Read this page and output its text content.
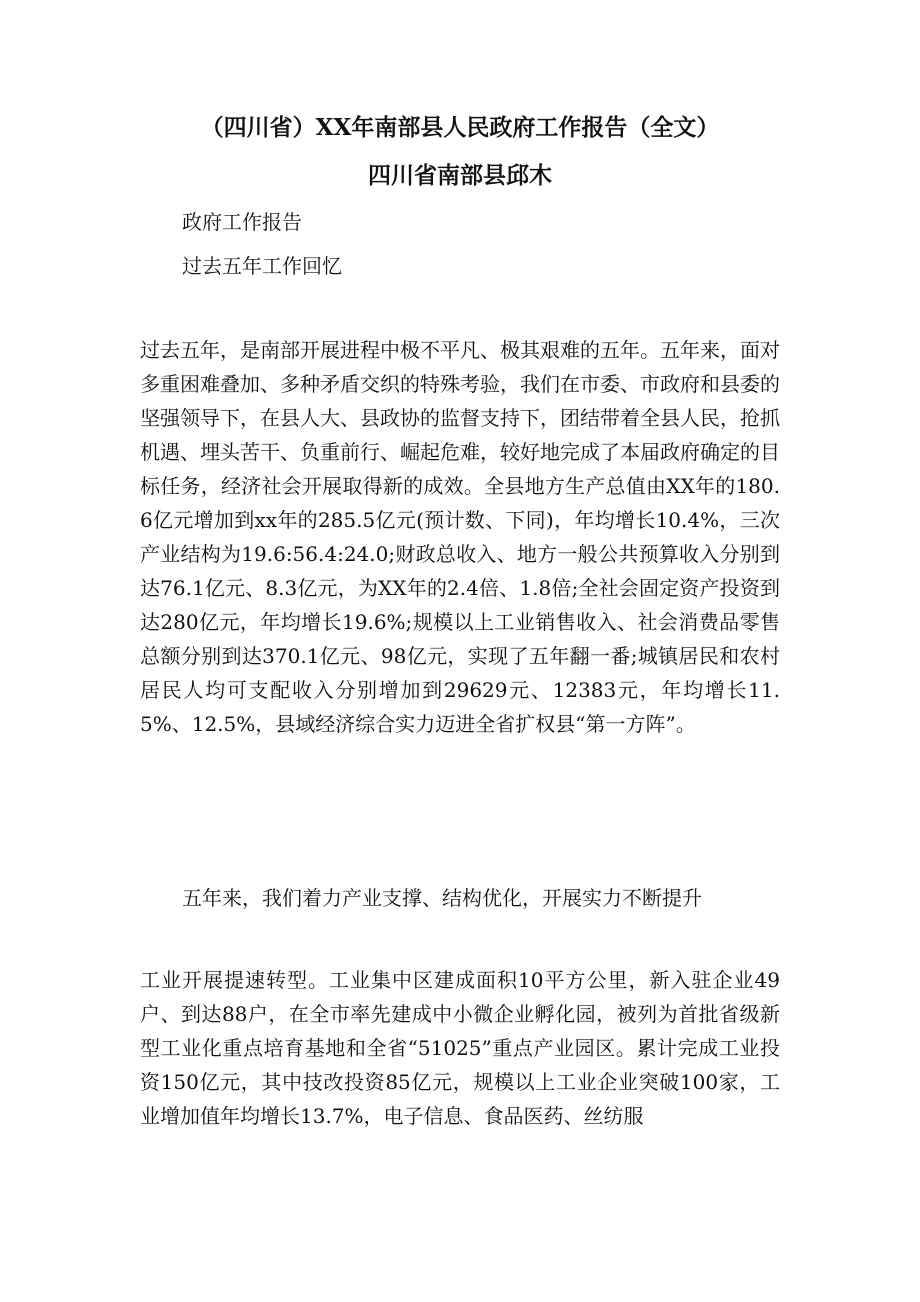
（四川省）XX年南部县人民政府工作报告（全文）
四川省南部县邱木
政府工作报告
过去五年工作回忆

过去五年，是南部开展进程中极不平凡、极其艰难的五年。五年来，面对多重困难叠加、多种矛盾交织的特殊考验，我们在市委、市政府和县委的坚强领导下，在县人大、县政协的监督支持下，团结带着全县人民，抢抓机遇、埋头苦干、负重前行、崛起危难，较好地完成了本届政府确定的目标任务，经济社会开展取得新的成效。全县地方生产总值由XX年的180.6亿元增加到xx年的285.5亿元(预计数、下同)，年均增长10.4%，三次产业结构为19.6:56.4:24.0;财政总收入、地方一般公共预算收入分别到达76.1亿元、8.3亿元，为XX年的2.4倍、1.8倍;全社会固定资产投资到达280亿元，年均增长19.6%;规模以上工业销售收入、社会消费品零售总额分别到达370.1亿元、98亿元，实现了五年翻一番;城镇居民和农村居民人均可支配收入分别增加到29629元、12383元，年均增长11.5%、12.5%，县域经济综合实力迈进全省扩权县“第一方阵”。

五年来，我们着力产业支撑、结构优化，开展实力不断提升

工业开展提速转型。工业集中区建成面积10平方公里，新入驻企业49户、到达88户，在全市率先建成中小微企业孵化园，被列为首批省级新型工业化重点培育基地和全省“51025”重点产业园区。累计完成工业投资150亿元，其中技改投资85亿元，规模以上工业企业突破100家，工业增加值年均增长13.7%，电子信息、食品医药、丝纺服
